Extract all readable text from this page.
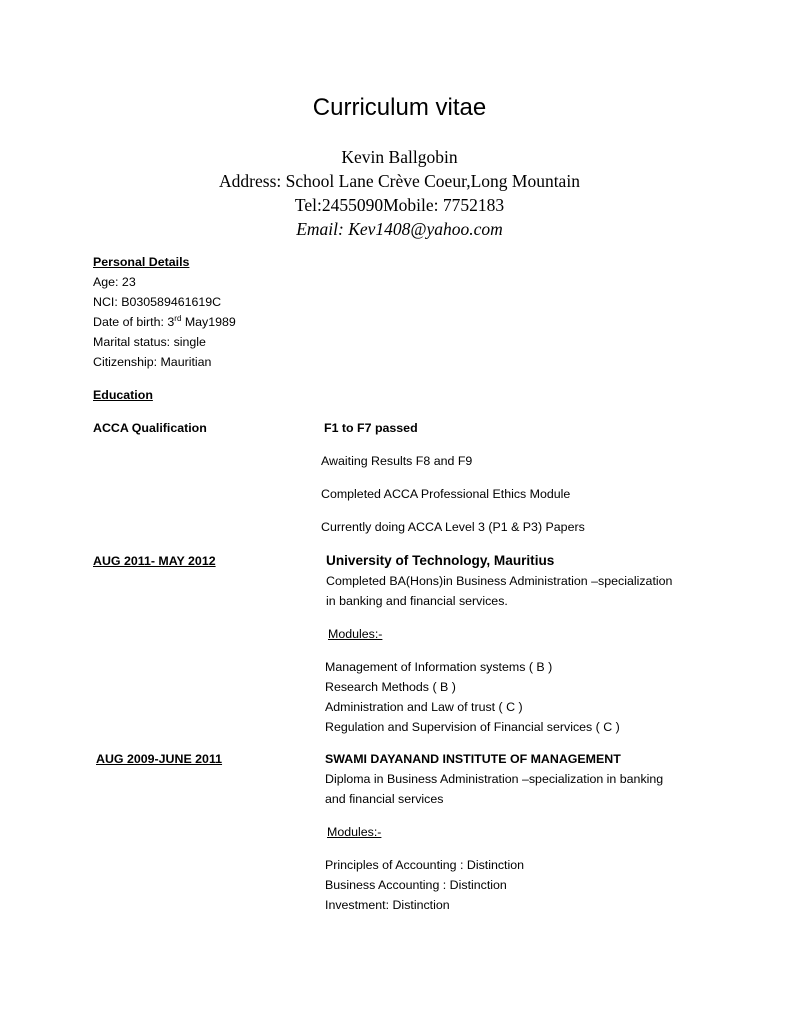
Curriculum vitae
Kevin Ballgobin
Address: School Lane Crève Coeur,Long Mountain
Tel:2455090Mobile: 7752183
Email: Kev1408@yahoo.com
Personal Details
Age: 23
NCI: B030589461619C
Date of birth: 3rd May1989
Marital status: single
Citizenship: Mauritian
Education
ACCA Qualification	F1 to F7 passed
Awaiting Results F8 and F9
Completed ACCA Professional Ethics Module
Currently doing ACCA Level 3 (P1 & P3) Papers
AUG 2011- MAY 2012	University of Technology, Mauritius
Completed BA(Hons)in Business Administration –specialization
in banking and financial services.
Modules:-
Management of Information systems ( B )
Research Methods ( B )
Administration and Law of trust ( C )
Regulation and Supervision of Financial services ( C )
AUG 2009-JUNE 2011	SWAMI DAYANAND INSTITUTE OF MANAGEMENT
Diploma in Business Administration –specialization in banking
and financial services
Modules:-
Principles of Accounting : Distinction
Business Accounting : Distinction
Investment: Distinction
